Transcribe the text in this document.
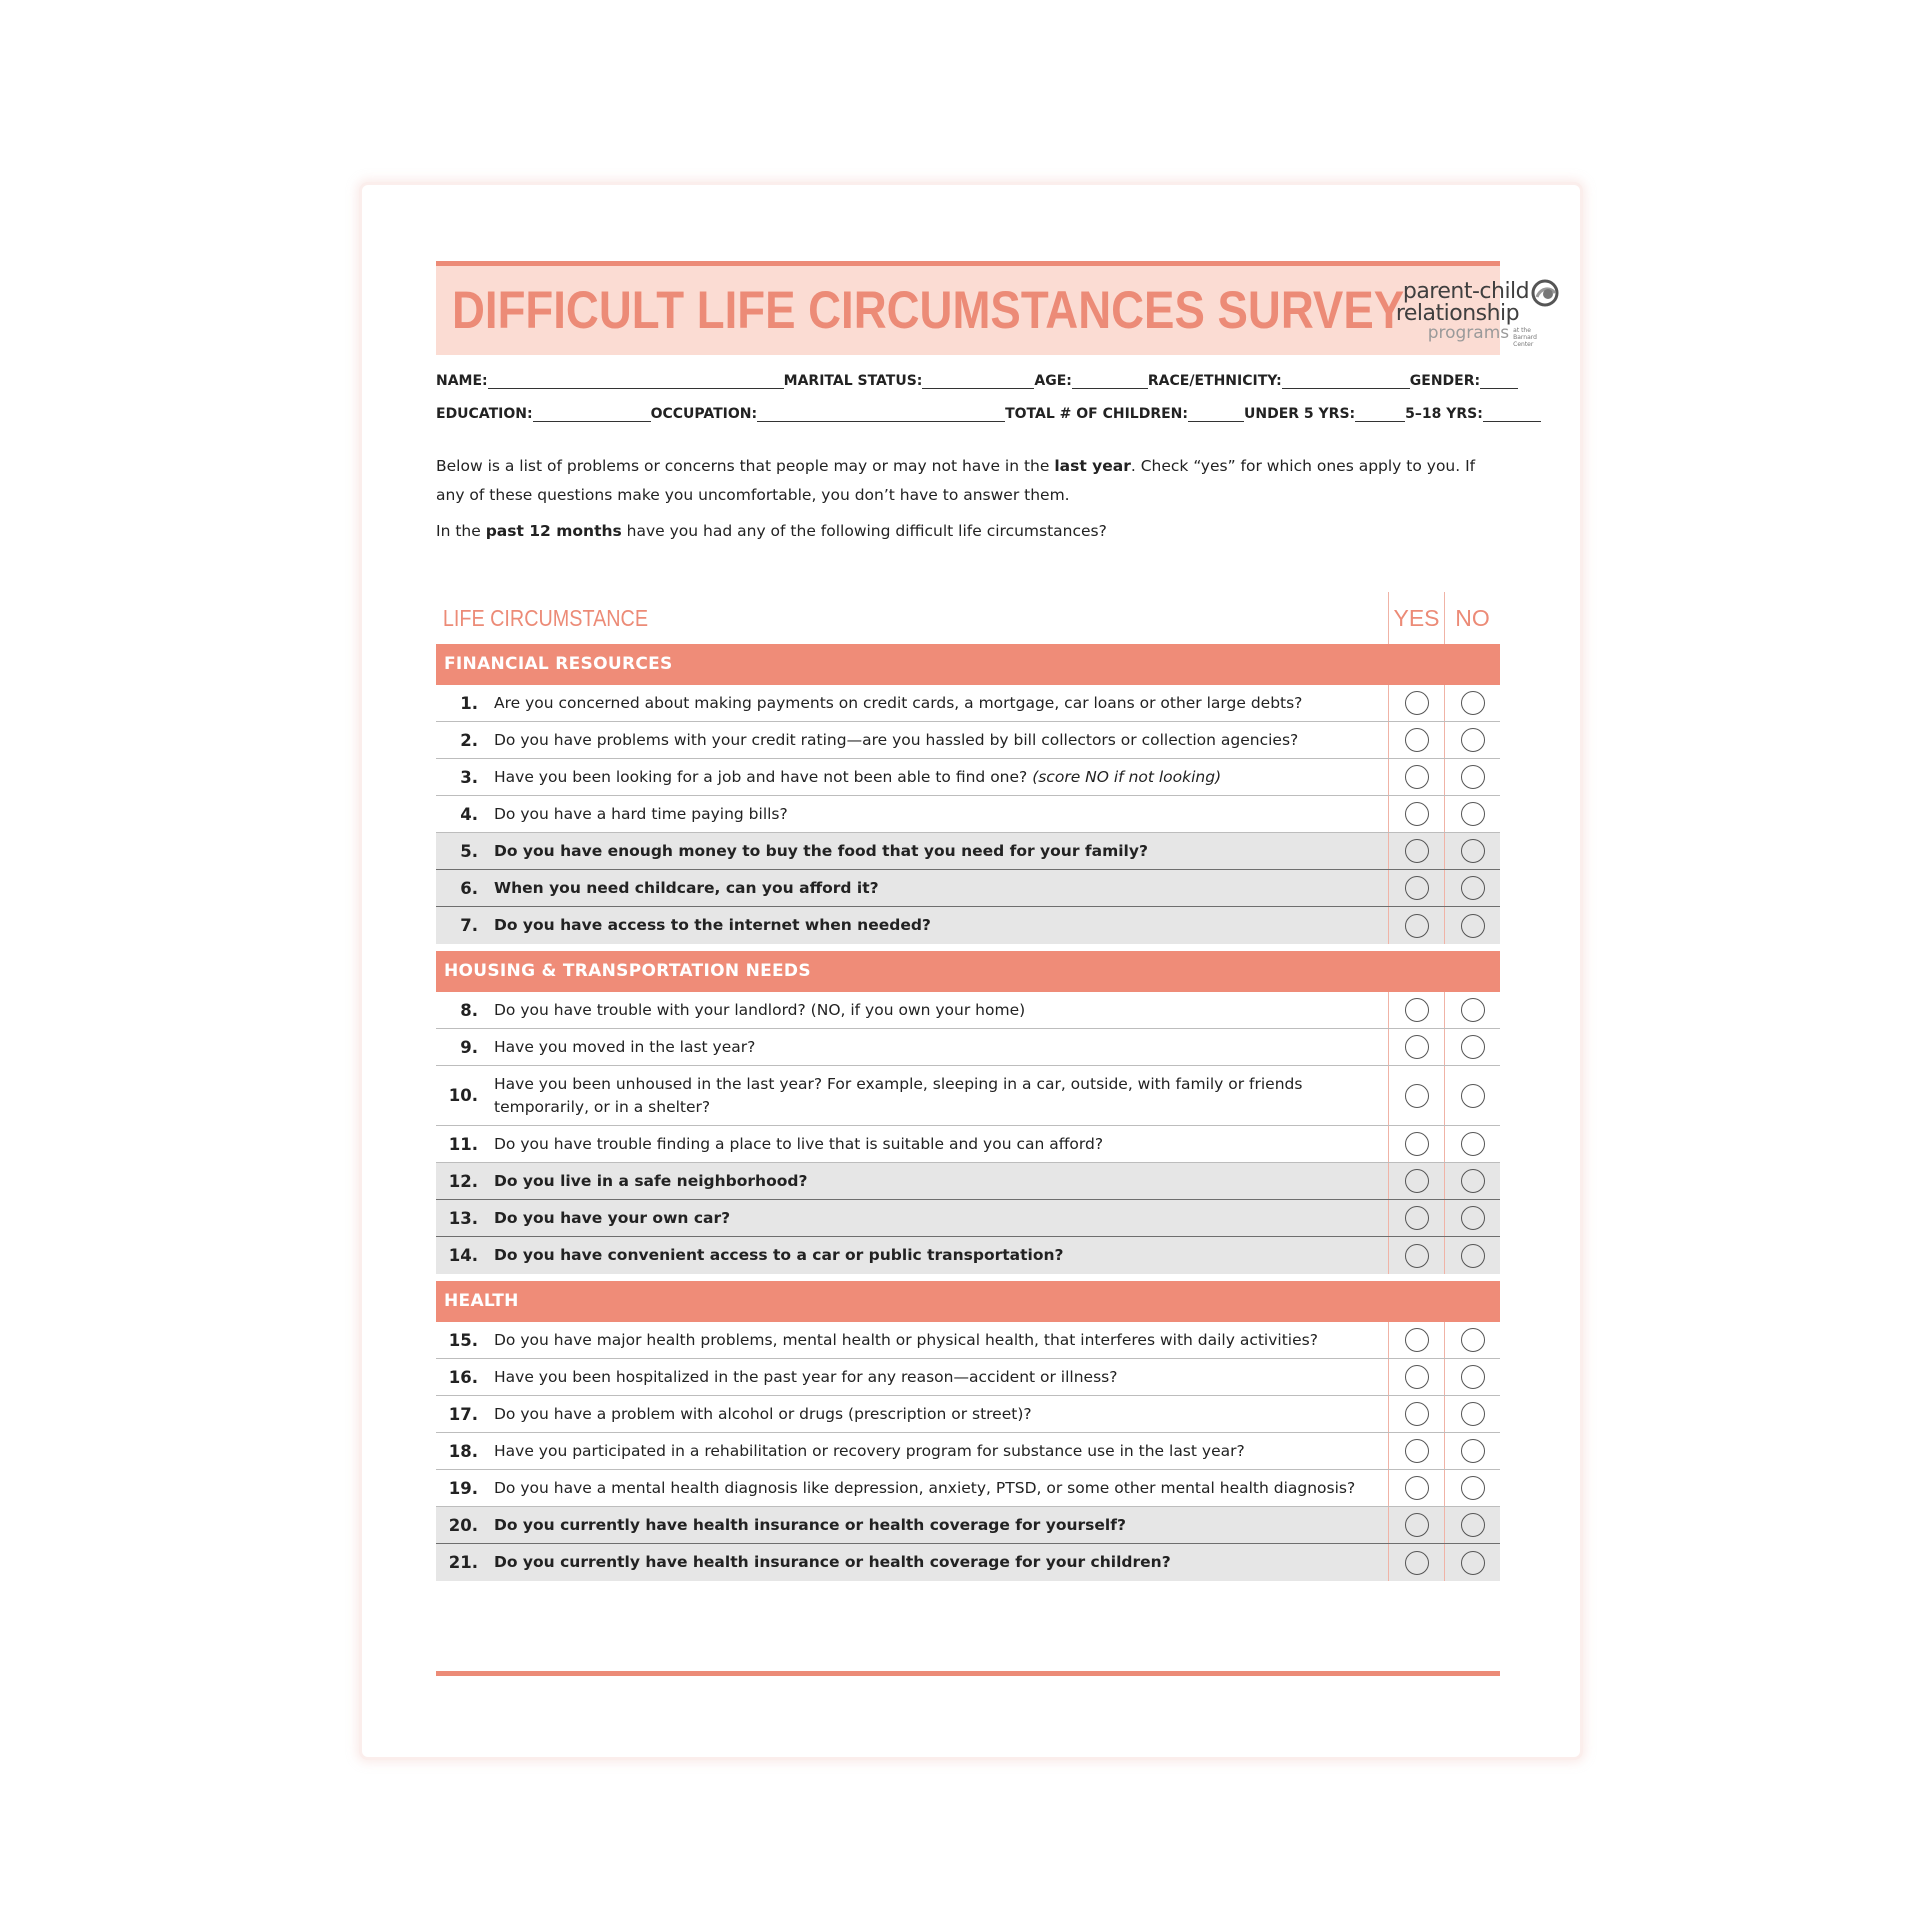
DIFFICULT LIFE CIRCUMSTANCES SURVEY
parent-child
relationship
programs at the Barnard Center
NAME:	MARITAL STATUS:	AGE:	RACE/ETHNICITY:	GENDER:
EDUCATION:	OCCUPATION:	TOTAL # OF CHILDREN:	UNDER 5 YRS:	5–18 YRS:

Below is a list of problems or concerns that people may or may not have in the last year. Check “yes” for which ones apply to you. If any of these questions make you uncomfortable, you don’t have to answer them.

In the past 12 months have you had any of the following difficult life circumstances?

LIFE CIRCUMSTANCE	YES NO
FINANCIAL RESOURCES
1.	Are you concerned about making payments on credit cards, a mortgage, car loans or other large debts?
2.	Do you have problems with your credit rating—are you hassled by bill collectors or collection agencies?
3.	Have you been looking for a job and have not been able to find one? (score NO if not looking)
4.	Do you have a hard time paying bills?
5.	Do you have enough money to buy the food that you need for your family?
6.	When you need childcare, can you afford it?
7.	Do you have access to the internet when needed?
HOUSING & TRANSPORTATION NEEDS
8.	Do you have trouble with your landlord? (NO, if you own your home)
9.	Have you moved in the last year?
10.
Have you been unhoused in the last year? For example, sleeping in a car, outside, with family or friends temporarily, or in a shelter?
11.	Do you have trouble finding a place to live that is suitable and you can afford?
12.	Do you live in a safe neighborhood?
13.	Do you have your own car?
14.	Do you have convenient access to a car or public transportation?
HEALTH
15.	Do you have major health problems, mental health or physical health, that interferes with daily activities?
16.	Have you been hospitalized in the past year for any reason—accident or illness?
17.	Do you have a problem with alcohol or drugs (prescription or street)?
18.	Have you participated in a rehabilitation or recovery program for substance use in the last year?
19.	Do you have a mental health diagnosis like depression, anxiety, PTSD, or some other mental health diagnosis?
20.	Do you currently have health insurance or health coverage for yourself?
21.	Do you currently have health insurance or health coverage for your children?
